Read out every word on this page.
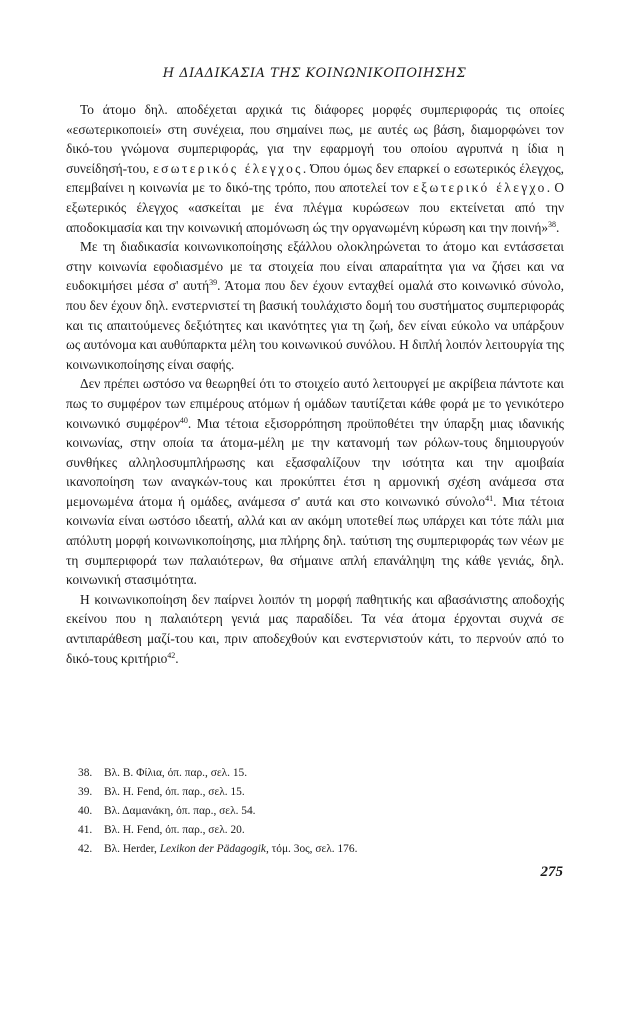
Η ΔΙΑΔΙΚΑΣΙΑ ΤΗΣ ΚΟΙΝΩΝΙΚΟΠΟΙΗΣΗΣ

Το άτομο δηλ. αποδέχεται αρχικά τις διάφορες μορφές συμπεριφοράς τις οποίες «εσωτερικοποιεί» στη συνέχεια, που σημαίνει πως, με αυτές ως βάση, διαμορφώνει τον δικό-του γνώμονα συμπεριφοράς, για την εφαρμογή του οποίου αγρυπνά η ίδια η συνείδησή-του, εσωτερικός έλεγχος. Όπου όμως δεν επαρκεί ο εσωτερικός έλεγχος, επεμβαίνει η κοινωνία με το δικό-της τρόπο, που αποτελεί τον εξωτερικό έλεγχο. Ο εξωτερικός έλεγχος «ασκείται με ένα πλέγμα κυρώσεων που εκτείνεται από την αποδοκιμασία και την κοινωνική απομόνωση ώς την οργανωμένη κύρωση και την ποινή»$^{38}$.

Με τη διαδικασία κοινωνικοποίησης εξάλλου ολοκληρώνεται το άτομο και εντάσσεται στην κοινωνία εφοδιασμένο με τα στοιχεία που είναι απαραίτητα για να ζήσει και να ευδοκιμήσει μέσα σ' αυτή$^{39}$. Άτομα που δεν έχουν ενταχθεί ομαλά στο κοινωνικό σύνολο, που δεν έχουν δηλ. ενστερνιστεί τη βασική τουλάχιστο δομή του συστήματος συμπεριφοράς και τις απαιτούμενες δεξιότητες και ικανότητες για τη ζωή, δεν είναι εύκολο να υπάρξουν ως αυτόνομα και αυθύπαρκτα μέλη του κοινωνικού συνόλου. Η διπλή λοιπόν λειτουργία της κοινωνικοποίησης είναι σαφής.

Δεν πρέπει ωστόσο να θεωρηθεί ότι το στοιχείο αυτό λειτουργεί με ακρίβεια πάντοτε και πως το συμφέρον των επιμέρους ατόμων ή ομάδων ταυτίζεται κάθε φορά με το γενικότερο κοινωνικό συμφέρον$^{40}$. Μια τέτοια εξισορρόπηση προϋποθέτει την ύπαρξη μιας ιδανικής κοινωνίας, στην οποία τα άτομα-μέλη με την κατανομή των ρόλων-τους δημιουργούν συνθήκες αλληλοσυμπλήρωσης και εξασφαλίζουν την ισότητα και την αμοιβαία ικανοποίηση των αναγκών-τους και προκύπτει έτσι η αρμονική σχέση ανάμεσα στα μεμονωμένα άτομα ή ομάδες, ανάμεσα σ' αυτά και στο κοινωνικό σύνολο$^{41}$. Μια τέτοια κοινωνία είναι ωστόσο ιδεατή, αλλά και αν ακόμη υποτεθεί πως υπάρχει και τότε πάλι μια απόλυτη μορφή κοινωνικοποίησης, μια πλήρης δηλ. ταύτιση της συμπεριφοράς των νέων με τη συμπεριφορά των παλαιότερων, θα σήμαινε απλή επανάληψη της κάθε γενιάς, δηλ. κοινωνική στασιμότητα.

Η κοινωνικοποίηση δεν παίρνει λοιπόν τη μορφή παθητικής και αβασάνιστης αποδοχής εκείνου που η παλαιότερη γενιά μας παραδίδει. Τα νέα άτομα έρχονται συχνά σε αντιπαράθεση μαζί-του και, πριν αποδεχθούν και ενστερνιστούν κάτι, το περνούν από το δικό-τους κριτήριο$^{42}$.

38.	Βλ. Β. Φίλια, όπ. παρ., σελ. 15.
39.	Βλ. H. Fend, όπ. παρ., σελ. 15.
40.	Βλ. Δαμανάκη, όπ. παρ., σελ. 54.
41.	Βλ. H. Fend, όπ. παρ., σελ. 20.
42.	Βλ. Herder, Lexikon der Pädagogik, τόμ. 3ος, σελ. 176.
275
